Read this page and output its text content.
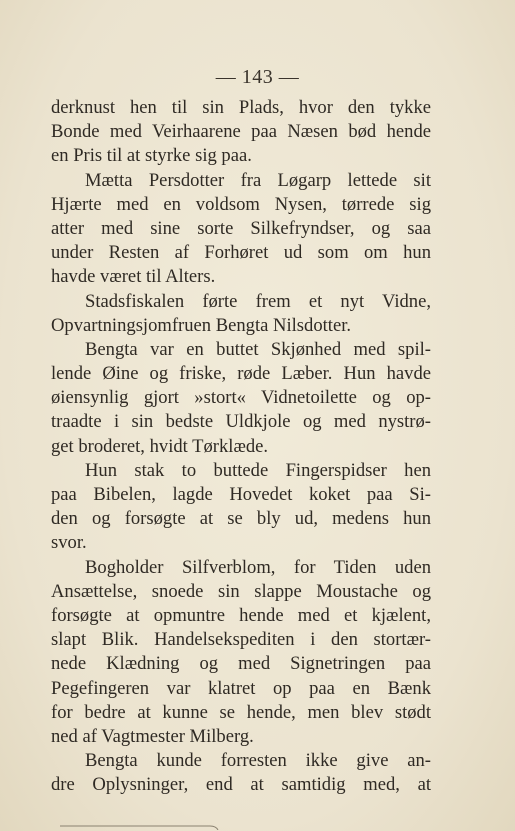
— 143 —
derknust hen til sin Plads, hvor den tykke
Bonde med Veirhaarene paa Næsen bød hende
en Pris til at styrke sig paa.
Mætta Persdotter fra Løgarp lettede sit
Hjærte med en voldsom Nysen, tørrede sig
atter med sine sorte Silkefryndser, og saa
under Resten af Forhøret ud som om hun
havde været til Alters.
Stadsfiskalen førte frem et nyt Vidne,
Opvartningsjomfruen Bengta Nilsdotter.
Bengta var en buttet Skjønhed med spil-
lende Øine og friske, røde Læber. Hun havde
øiensynlig gjort »stort« Vidnetoilette og op-
traadte i sin bedste Uldkjole og med nystrø-
get broderet, hvidt Tørklæde.
Hun stak to buttede Fingerspidser hen
paa Bibelen, lagde Hovedet koket paa Si-
den og forsøgte at se bly ud, medens hun
svor.
Bogholder Silfverblom, for Tiden uden
Ansættelse, snoede sin slappe Moustache og
forsøgte at opmuntre hende med et kjælent,
slapt Blik. Handelsekspediten i den stortær-
nede Klædning og med Signetringen paa
Pegefingeren var klatret op paa en Bænk
for bedre at kunne se hende, men blev stødt
ned af Vagtmester Milberg.
Bengta kunde forresten ikke give an-
dre Oplysninger, end at samtidig med, at
